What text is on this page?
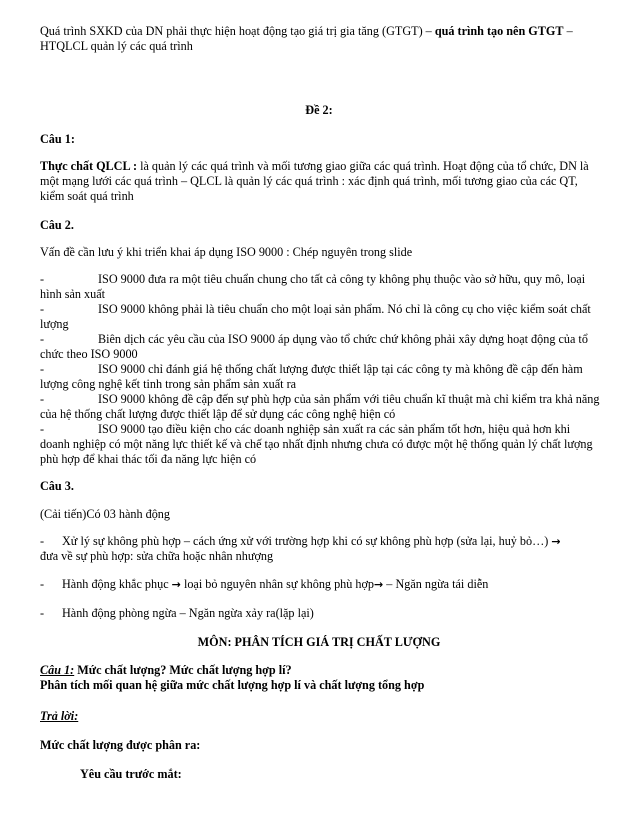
Quá trình SXKD của DN phải thực hiện hoạt động tạo giá trị gia tăng (GTGT) – quá trình tạo nên GTGT – HTQLCL quản lý các quá trình
Đề 2:
Câu 1:
Thực chất QLCL : là quản lý các quá trình và mối tương giao giữa các quá trình. Hoạt động của tổ chức, DN là một mạng lưới các quá trình – QLCL là quản lý các quá trình : xác định quá trình, mối tương giao của các QT, kiểm soát quá trình
Câu 2.
Vấn đề cần lưu ý khi triển khai áp dụng ISO 9000 : Chép nguyên trong slide
-	ISO 9000 đưa ra một tiêu chuẩn chung cho tất cả công ty không phụ thuộc vào sở hữu, quy mô, loại hình sản xuất
-	ISO 9000 không phải là tiêu chuẩn cho một loại sản phẩm. Nó chỉ là công cụ cho việc kiểm soát chất lượng
-	Biên dịch các yêu cầu của ISO 9000 áp dụng vào tổ chức chứ không phải xây dựng hoạt động của tổ chức theo ISO 9000
-	ISO 9000 chỉ đánh giá hệ thống chất lượng được thiết lập tại các công ty mà không đề cập đến hàm lượng công nghệ kết tinh trong sản phẩm sản xuất ra
-	ISO 9000 không đề cập đến sự phù hợp của sản phẩm với tiêu chuẩn kĩ thuật mà chỉ kiểm tra khả năng của hệ thống chất lượng được thiết lập để sử dụng các công nghệ hiện có
-	ISO 9000 tạo điều kiện cho các doanh nghiệp sản xuất ra các sản phẩm tốt hơn, hiệu quả hơn khi doanh nghiệp có một năng lực thiết kế và chế tạo nhất định nhưng chưa có được một hệ thống quản lý chất lượng phù hợp để khai thác tối đa năng lực hiện có
Câu 3.
(Cải tiến)Có 03 hành động
- Xử lý sự không phù hợp – cách ứng xử với trường hợp khi có sự không phù hợp (sửa lại, huỷ bỏ…) →
đưa về sự phù hợp: sửa chữa hoặc nhân nhượng
- Hành động khắc phục → loại bỏ nguyên nhân sự không phù hợp→ – Ngăn ngừa tái diễn
- Hành động phòng ngừa – Ngăn ngừa xảy ra(lặp lại)
MÔN: PHÂN TÍCH GIÁ TRỊ CHẤT LƯỢNG
Câu 1: Mức chất lượng? Mức chất lượng hợp lí?
Phân tích mối quan hệ giữa mức chất lượng hợp lí và chất lượng tổng hợp
Trả lời:
Mức chất lượng được phân ra:
Yêu cầu trước mắt:
